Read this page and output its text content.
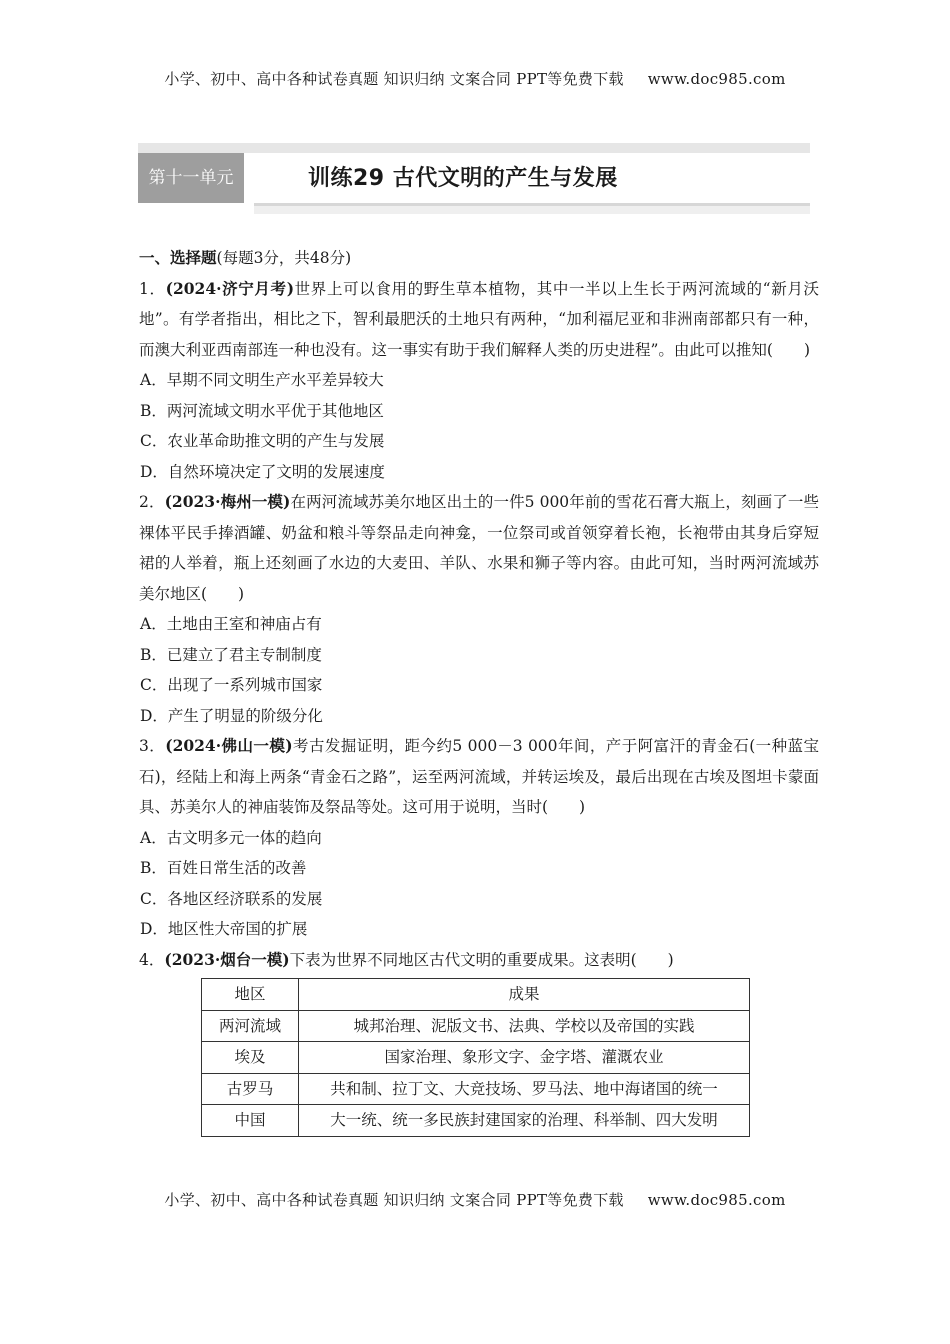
小学、初中、高中各种试卷真题 知识归纳 文案合同 PPT等免费下载 www.doc985.com
第十一单元	训练29 古代文明的产生与发展

一、选择题(每题3分，共48分)

1．(2024·济宁月考)世界上可以食用的野生草本植物，其中一半以上生长于两河流域的“新月沃地”。有学者指出，相比之下，智利最肥沃的土地只有两种，“加利福尼亚和非洲南部都只有一种，而澳大利亚西南部连一种也没有。这一事实有助于我们解释人类的历史进程”。由此可以推知(　　)

A．早期不同文明生产水平差异较大

B．两河流域文明水平优于其他地区

C．农业革命助推文明的产生与发展

D．自然环境决定了文明的发展速度

2．(2023·梅州一模)在两河流域苏美尔地区出土的一件5 000年前的雪花石膏大瓶上，刻画了一些裸体平民手捧酒罐、奶盆和粮斗等祭品走向神龛，一位祭司或首领穿着长袍，长袍带由其身后穿短裙的人举着，瓶上还刻画了水边的大麦田、羊队、水果和狮子等内容。由此可知，当时两河流域苏美尔地区(　　)

A．土地由王室和神庙占有

B．已建立了君主专制制度

C．出现了一系列城市国家

D．产生了明显的阶级分化

3．(2024·佛山一模)考古发掘证明，距今约5 000－3 000年间，产于阿富汗的青金石(一种蓝宝石)，经陆上和海上两条“青金石之路”，运至两河流域，并转运埃及，最后出现在古埃及图坦卡蒙面具、苏美尔人的神庙装饰及祭品等处。这可用于说明，当时(　　)

A．古文明多元一体的趋向

B．百姓日常生活的改善

C．各地区经济联系的发展

D．地区性大帝国的扩展

4．(2023·烟台一模)下表为世界不同地区古代文明的重要成果。这表明(　　)

地区	成果
两河流域	城邦治理、泥版文书、法典、学校以及帝国的实践
埃及	国家治理、象形文字、金字塔、灌溉农业
古罗马	共和制、拉丁文、大竞技场、罗马法、地中海诸国的统一
中国	大一统、统一多民族封建国家的治理、科举制、四大发明
小学、初中、高中各种试卷真题 知识归纳 文案合同 PPT等免费下载 www.doc985.com
